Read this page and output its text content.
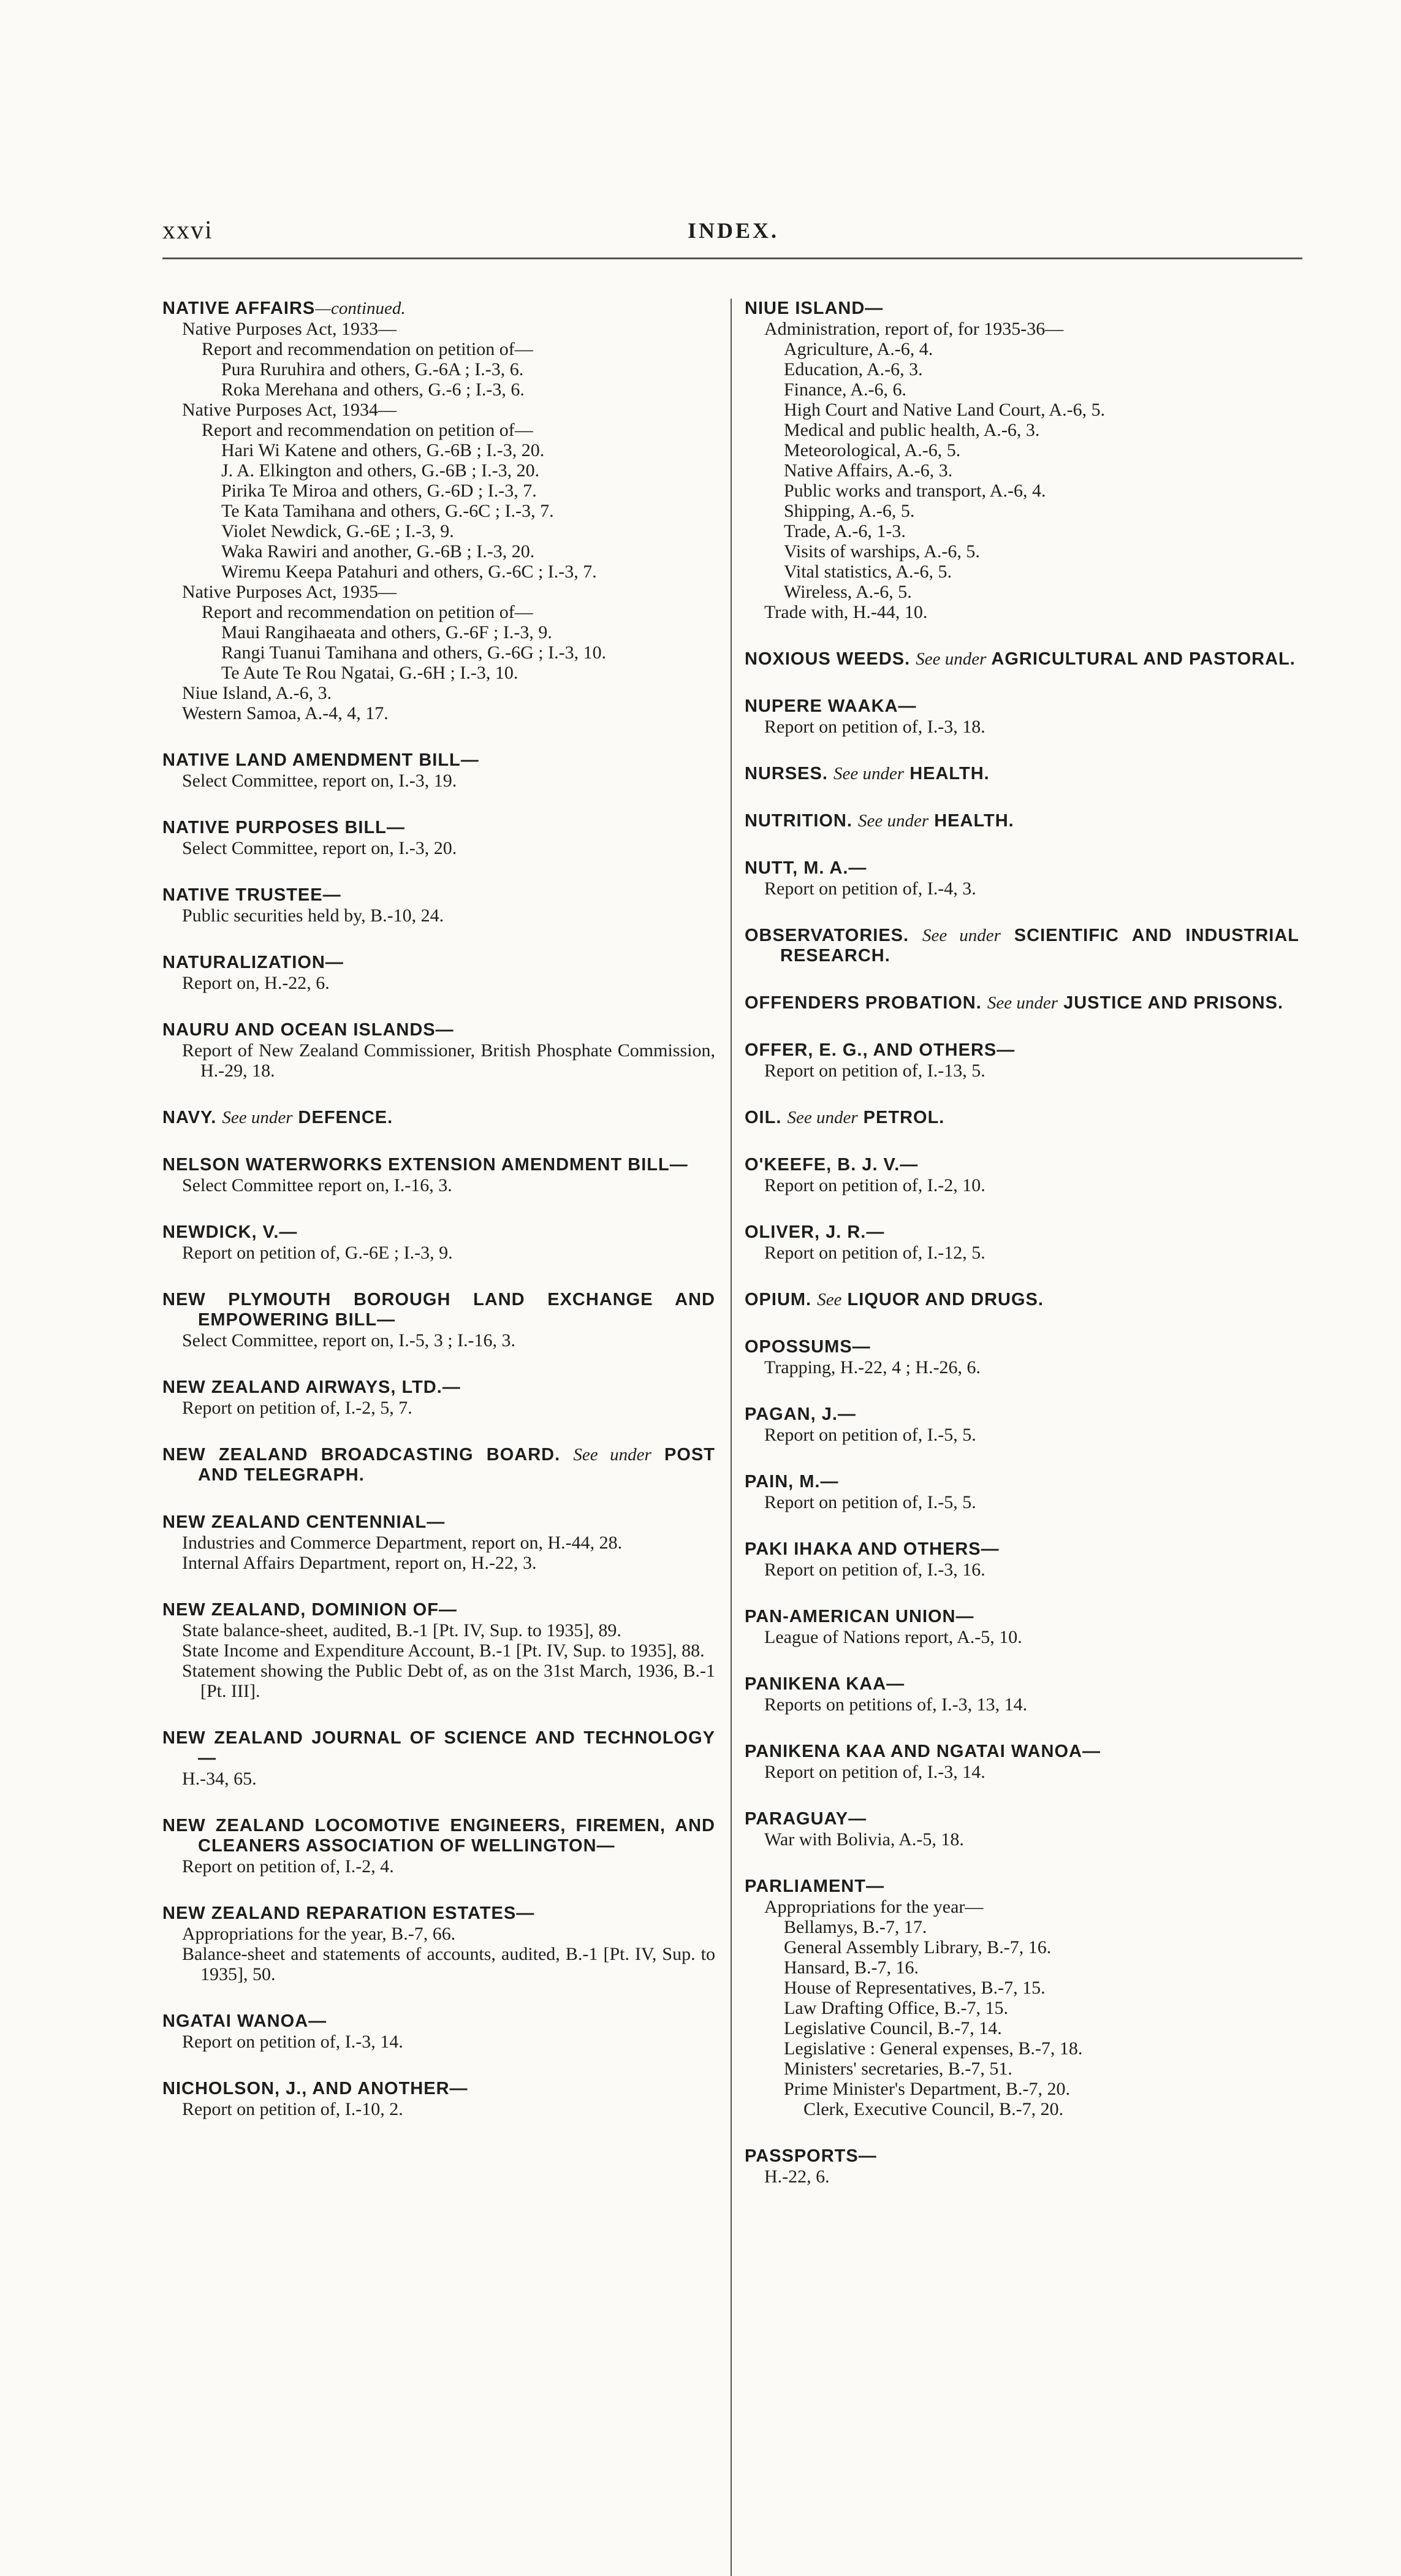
xxvi	INDEX.
NATIVE AFFAIRS—continued.
Native Purposes Act, 1933—
Report and recommendation on petition of—
Pura Ruruhira and others, G.-6A ; I.-3, 6.
Roka Merehana and others, G.-6 ; I.-3, 6.
Native Purposes Act, 1934—
Report and recommendation on petition of—
Hari Wi Katene and others, G.-6B ; I.-3, 20.
J. A. Elkington and others, G.-6B ; I.-3, 20.
Pirika Te Miroa and others, G.-6D ; I.-3, 7.
Te Kata Tamihana and others, G.-6C ; I.-3, 7.
Violet Newdick, G.-6E ; I.-3, 9.
Waka Rawiri and another, G.-6B ; I.-3, 20.
Wiremu Keepa Patahuri and others, G.-6C ; I.-3, 7.
Native Purposes Act, 1935—
Report and recommendation on petition of—
Maui Rangihaeata and others, G.-6F ; I.-3, 9.
Rangi Tuanui Tamihana and others, G.-6G ; I.-3, 10.
Te Aute Te Rou Ngatai, G.-6H ; I.-3, 10.
Niue Island, A.-6, 3.
Western Samoa, A.-4, 4, 17.
NATIVE LAND AMENDMENT BILL—
Select Committee, report on, I.-3, 19.
NATIVE PURPOSES BILL—
Select Committee, report on, I.-3, 20.
NATIVE TRUSTEE—
Public securities held by, B.-10, 24.
NATURALIZATION—
Report on, H.-22, 6.
NAURU AND OCEAN ISLANDS—
Report of New Zealand Commissioner, British Phosphate Commission, H.-29, 18.
NAVY. See under DEFENCE.
NELSON WATERWORKS EXTENSION AMENDMENT BILL—
Select Committee report on, I.-16, 3.
NEWDICK, V.—
Report on petition of, G.-6E ; I.-3, 9.
NEW PLYMOUTH BOROUGH LAND EXCHANGE AND EMPOWERING BILL—
Select Committee, report on, I.-5, 3 ; I.-16, 3.
NEW ZEALAND AIRWAYS, LTD.—
Report on petition of, I.-2, 5, 7.
NEW ZEALAND BROADCASTING BOARD. See under POST AND TELEGRAPH.
NEW ZEALAND CENTENNIAL—
Industries and Commerce Department, report on, H.-44, 28.
Internal Affairs Department, report on, H.-22, 3.
NEW ZEALAND, DOMINION OF—
State balance-sheet, audited, B.-1 [Pt. IV, Sup. to 1935], 89.
State Income and Expenditure Account, B.-1 [Pt. IV, Sup. to 1935], 88.
Statement showing the Public Debt of, as on the 31st March, 1936, B.-1 [Pt. III].
NEW ZEALAND JOURNAL OF SCIENCE AND TECHNOLOGY—
H.-34, 65.
NEW ZEALAND LOCOMOTIVE ENGINEERS, FIREMEN, AND CLEANERS ASSOCIATION OF WELLINGTON—
Report on petition of, I.-2, 4.
NEW ZEALAND REPARATION ESTATES—
Appropriations for the year, B.-7, 66.
Balance-sheet and statements of accounts, audited, B.-1 [Pt. IV, Sup. to 1935], 50.
NGATAI WANOA—
Report on petition of, I.-3, 14.
NICHOLSON, J., AND ANOTHER—
Report on petition of, I.-10, 2.
NIUE ISLAND—
Administration, report of, for 1935-36—
Agriculture, A.-6, 4.
Education, A.-6, 3.
Finance, A.-6, 6.
High Court and Native Land Court, A.-6, 5.
Medical and public health, A.-6, 3.
Meteorological, A.-6, 5.
Native Affairs, A.-6, 3.
Public works and transport, A.-6, 4.
Shipping, A.-6, 5.
Trade, A.-6, 1-3.
Visits of warships, A.-6, 5.
Vital statistics, A.-6, 5.
Wireless, A.-6, 5.
Trade with, H.-44, 10.
NOXIOUS WEEDS. See under AGRICULTURAL AND PASTORAL.
NUPERE WAAKA—
Report on petition of, I.-3, 18.
NURSES. See under HEALTH.
NUTRITION. See under HEALTH.
NUTT, M. A.—
Report on petition of, I.-4, 3.
OBSERVATORIES. See under SCIENTIFIC AND INDUSTRIAL RESEARCH.
OFFENDERS PROBATION. See under JUSTICE AND PRISONS.
OFFER, E. G., AND OTHERS—
Report on petition of, I.-13, 5.
OIL. See under PETROL.
O'KEEFE, B. J. V.—
Report on petition of, I.-2, 10.
OLIVER, J. R.—
Report on petition of, I.-12, 5.
OPIUM. See LIQUOR AND DRUGS.
OPOSSUMS—
Trapping, H.-22, 4 ; H.-26, 6.
PAGAN, J.—
Report on petition of, I.-5, 5.
PAIN, M.—
Report on petition of, I.-5, 5.
PAKI IHAKA AND OTHERS—
Report on petition of, I.-3, 16.
PAN-AMERICAN UNION—
League of Nations report, A.-5, 10.
PANIKENA KAA—
Reports on petitions of, I.-3, 13, 14.
PANIKENA KAA AND NGATAI WANOA—
Report on petition of, I.-3, 14.
PARAGUAY—
War with Bolivia, A.-5, 18.
PARLIAMENT—
Appropriations for the year—
Bellamys, B.-7, 17.
General Assembly Library, B.-7, 16.
Hansard, B.-7, 16.
House of Representatives, B.-7, 15.
Law Drafting Office, B.-7, 15.
Legislative Council, B.-7, 14.
Legislative : General expenses, B.-7, 18.
Ministers' secretaries, B.-7, 51.
Prime Minister's Department, B.-7, 20.
Clerk, Executive Council, B.-7, 20.
PASSPORTS—
H.-22, 6.
